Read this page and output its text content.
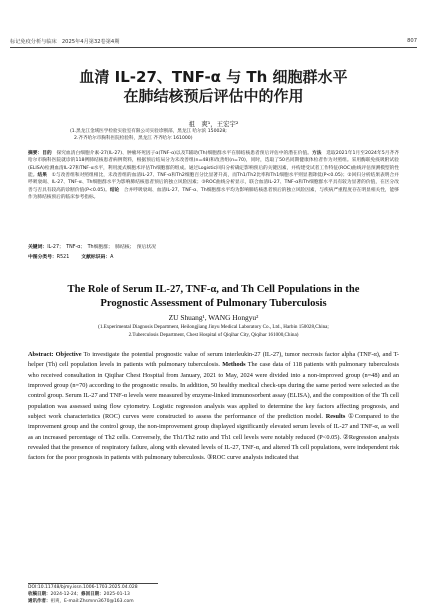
标记免疫分析与临床　2025年4月第32卷第4期	807
血清 IL-27、TNF-α 与 Th 细胞群水平
在肺结核预后评估中的作用
祖　爽¹，王宏宇²
(1.黑龙江金域医学检验实验室有限公司实验诊断部，黑龙江 哈尔滨 150028;
2.齐齐哈尔市胸科医院检验科，黑龙江 齐齐哈尔 161000)
摘要：目的　 探究血清白细胞介素-27(IL-27)、肿瘤坏死因子α(TNF-α)以及T辅助(Th)细胞群水平在肺结核患者预后评估中的潜在价值。方法　 选取2021年1月至2024年5月齐齐哈尔市胸科医院就诊的118例肺结核患者病例资料，根据预后结局分为未改善组(n=48)和改善组(n=70)，同时，选取了50名同期健康体检者作为对照组。采用酶联免疫吸附试验(ELISA)检测血清IL-27和TNF-α水平，利用流式细胞术评估Th细胞群的组成。通过Logistic回归分析确定影响预后的关键因素，并构建受试者工作特征(ROC)曲线评估预测模型的性能。结果　 ①与改善组和对照组相比，未改善组的血清IL-27、TNF-α和Th2细胞百分比显著升高，而Th1/Th2比率和Th1细胞水平则显著降低(P<0.05)；②回归分析结果表明合并呼吸衰竭、IL-27、TNF-α、Th细胞群水平为影响肺结核患者预后的独立风险因素；③ROC曲线分析显示，联合血清IL-27、TNF-α和Th细胞群水平具有较为显著的价值，在区分改善与否具有较高的诊断价值(P<0.05)。结论　 合并呼吸衰竭、血清IL-27、TNF-α、Th细胞群水平均为影响肺结核患者预后的独立风险因素，与疾病严重程度存在明显相关性，能够作为肺结核预后的临床参考指标。
关键词：IL-27；　TNF-α；　Th细胞群；　肺结核；　预后状况
中图分类号：R521	文献标识码：A
The Role of Serum IL-27, TNF-α, and Th Cell Populations in the
Prognostic Assessment of Pulmonary Tuberculosis
ZU Shuang¹, WANG Hongyu²
(1.Experimental Diagnosis Department, Heilongjiang Jinyu Medical Laboratory Co., Ltd., Harbin 150028,China;
2.Tuberculosis Department, Chest Hospital of Qiqihar City, Qiqihar 161000,China)
Abstract: Objective To investigate the potential prognostic value of serum interleukin-27 (IL-27), tumor necrosis factor alpha (TNF-α), and T-helper (Th) cell population levels in patients with pulmonary tuberculosis. Methods The case data of 118 patients with pulmonary tuberculosis who received consultation in Qiqihar Chest Hospital from January, 2021 to May, 2024 were divided into a non-improved group (n=48) and an improved group (n=70) according to the prognostic results. In addition, 50 healthy medical check-ups during the same period were selected as the control group. Serum IL-27 and TNF-α levels were measured by enzyme-linked immunosorbent assay (ELISA), and the composition of the Th cell population was assessed using flow cytometry. Logistic regression analysis was applied to determine the key factors affecting prognosis, and subject work characteristics (ROC) curves were constructed to assess the performance of the prediction model. Results ①Compared to the improvement group and the control group, the non-improvement group displayed significantly elevated serum levels of IL-27 and TNF-α, as well as an increased percentage of Th2 cells. Conversely, the Th1/Th2 ratio and Th1 cell levels were notably reduced (P<0.05). ②Regression analysis revealed that the presence of respiratory failure, along with elevated levels of IL-27, TNF-α, and altered Th cell populations, were independent risk factors for the poor prognosis in patients with pulmonary tuberculosis. ③ROC curve analysis indicated that
DOI:10.11748/bjmy.issn.1006-1703.2025.04.028
收稿日期：2024-12-24；修回日期：2025-01-13
通讯作者：祖爽，E-mail:Zhsmnn3670@163.com
